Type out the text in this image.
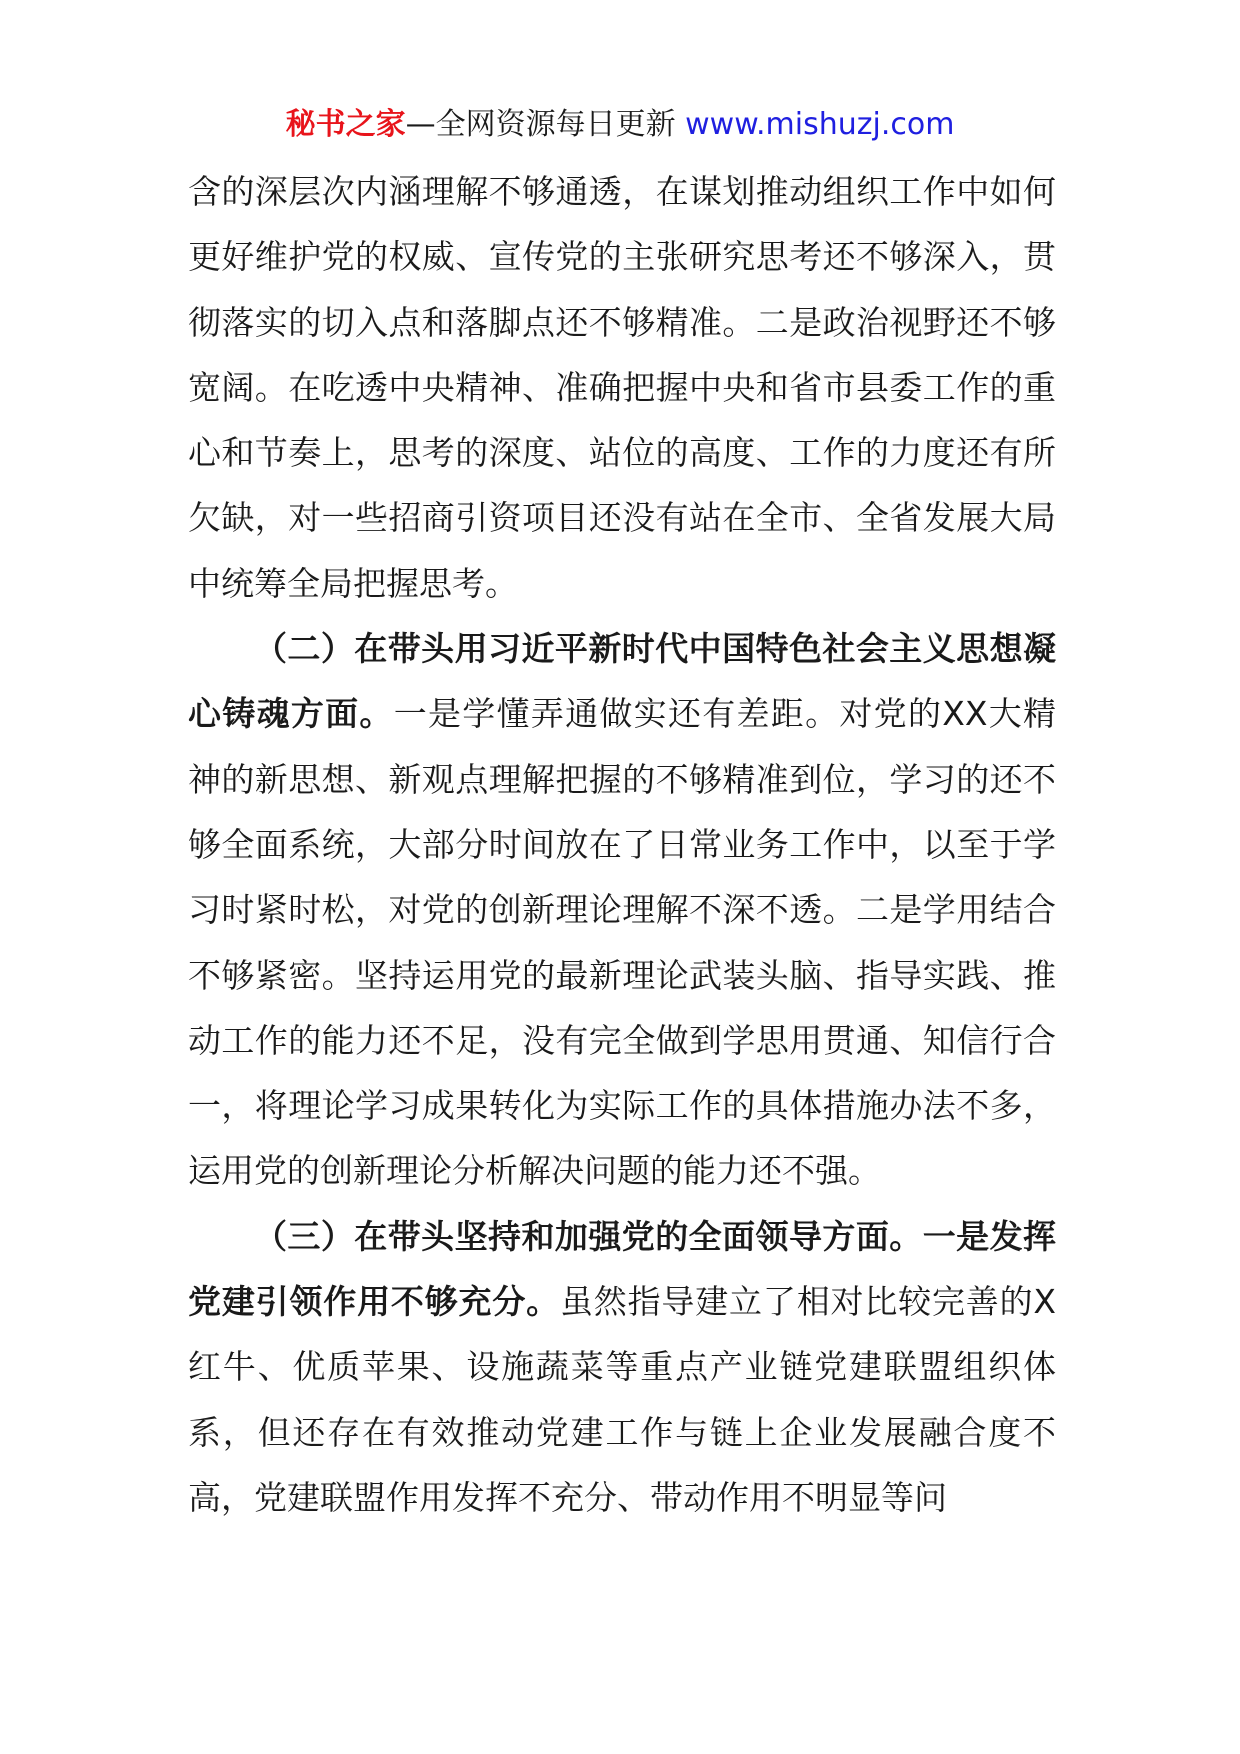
秘书之家—全网资源每日更新 www.mishuzj.com

含的深层次内涵理解不够通透，在谋划推动组织工作中如何更好维护党的权威、宣传党的主张研究思考还不够深入，贯彻落实的切入点和落脚点还不够精准。二是政治视野还不够宽阔。在吃透中央精神、准确把握中央和省市县委工作的重心和节奏上，思考的深度、站位的高度、工作的力度还有所欠缺，对一些招商引资项目还没有站在全市、全省发展大局中统筹全局把握思考。

（二）在带头用习近平新时代中国特色社会主义思想凝心铸魂方面。一是学懂弄通做实还有差距。对党的XX大精神的新思想、新观点理解把握的不够精准到位，学习的还不够全面系统，大部分时间放在了日常业务工作中，以至于学习时紧时松，对党的创新理论理解不深不透。二是学用结合不够紧密。坚持运用党的最新理论武装头脑、指导实践、推动工作的能力还不足，没有完全做到学思用贯通、知信行合一，将理论学习成果转化为实际工作的具体措施办法不多，运用党的创新理论分析解决问题的能力还不强。

（三）在带头坚持和加强党的全面领导方面。一是发挥党建引领作用不够充分。虽然指导建立了相对比较完善的X红牛、优质苹果、设施蔬菜等重点产业链党建联盟组织体系，但还存在有效推动党建工作与链上企业发展融合度不高，党建联盟作用发挥不充分、带动作用不明显等问
